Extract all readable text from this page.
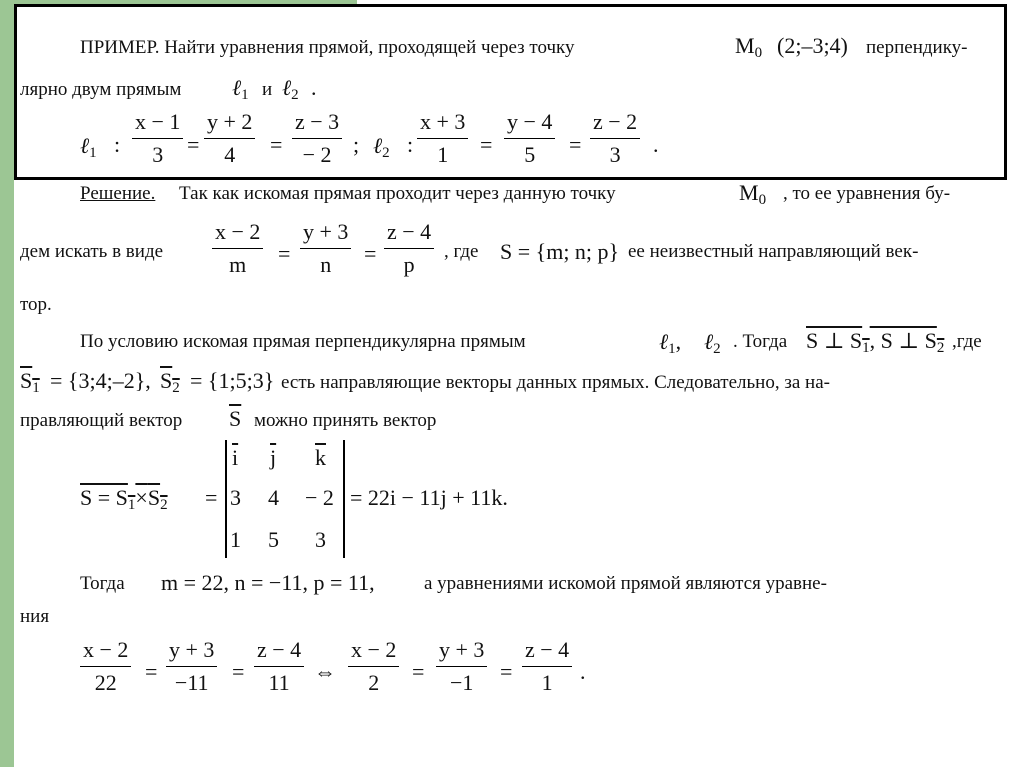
ПРИМЕР. Найти уравнения прямой, проходящей через точку	$M_0$ (2;–3;4) перпендику-
лярно двум прямым ℓ$_1$ и ℓ$_2$ .
ℓ$_1$ : $\frac{x - 1}{3} = \frac{y + 2}{4} = \frac{z - 3}{- 2}$ ; ℓ$_2$ : $\frac{x + 3}{1} = \frac{y - 4}{5} = \frac{z - 2}{3}$ .
Решение. Так как искомая прямая проходит через данную точку	$M_0$ , то ее уравнения бу-
дем искать в виде $\frac{x - 2}{m} = \frac{y + 3}{n} = \frac{z - 4}{p}$ , где S = {m; n; p} ее неизвестный направляющий век-
тор.
По условию искомая прямая перпендикулярна прямым	ℓ$_1$, ℓ$_2$ . Тогда S ⊥ $S_1$, S ⊥ $S_2$ ,где
$S_1$ = {3;4;–2}, $S_2$ = {1;5;3} есть направляющие векторы данных прямых. Следовательно, за на-
правляющий вектор $\overline{S}$ можно принять вектор
$S = S_1\times S_2$ =
$\overline{i}$ $\overline{j}$ $\overline{k}$
3 4 − 2
1 5 3
= 22i − 11j + 11k.
Тогда m = 22, n = −11, p = 11,	а уравнениями искомой прямой являются уравне-
ния
$\frac{x - 2}{22} = \frac{y + 3}{-11} = \frac{z - 4}{11}$ ⇔ $\frac{x - 2}{2} = \frac{y + 3}{-1} = \frac{z - 4}{1}$ .
